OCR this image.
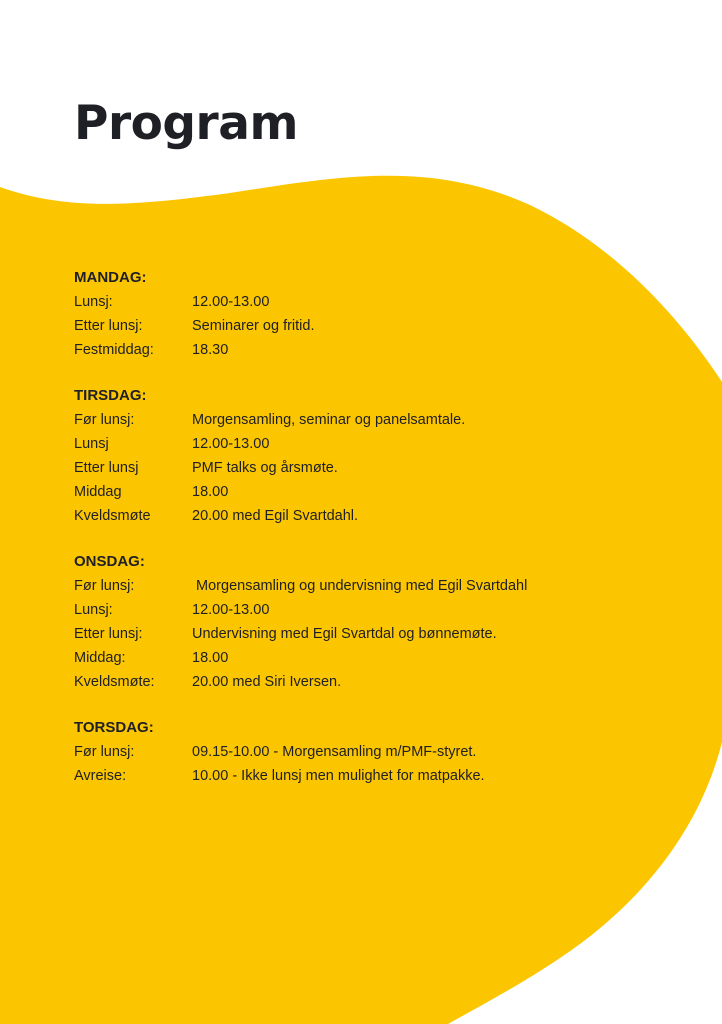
Program
MANDAG:
Lunsj:	12.00-13.00
Etter lunsj:	Seminarer og fritid.
Festmiddag:	18.30
TIRSDAG:
Før lunsj:	Morgensamling, seminar og panelsamtale.
Lunsj	12.00-13.00
Etter lunsj	PMF talks og årsmøte.
Middag	18.00
Kveldsmøte	20.00 med Egil Svartdahl.
ONSDAG:
Før lunsj:	Morgensamling og undervisning med Egil Svartdahl
Lunsj:	12.00-13.00
Etter lunsj:	Undervisning med Egil Svartdal og bønnemøte.
Middag:	18.00
Kveldsmøte:	20.00 med Siri Iversen.
TORSDAG:
Før lunsj:	09.15-10.00 - Morgensamling m/PMF-styret.
Avreise:	10.00 - Ikke lunsj men mulighet for matpakke.
